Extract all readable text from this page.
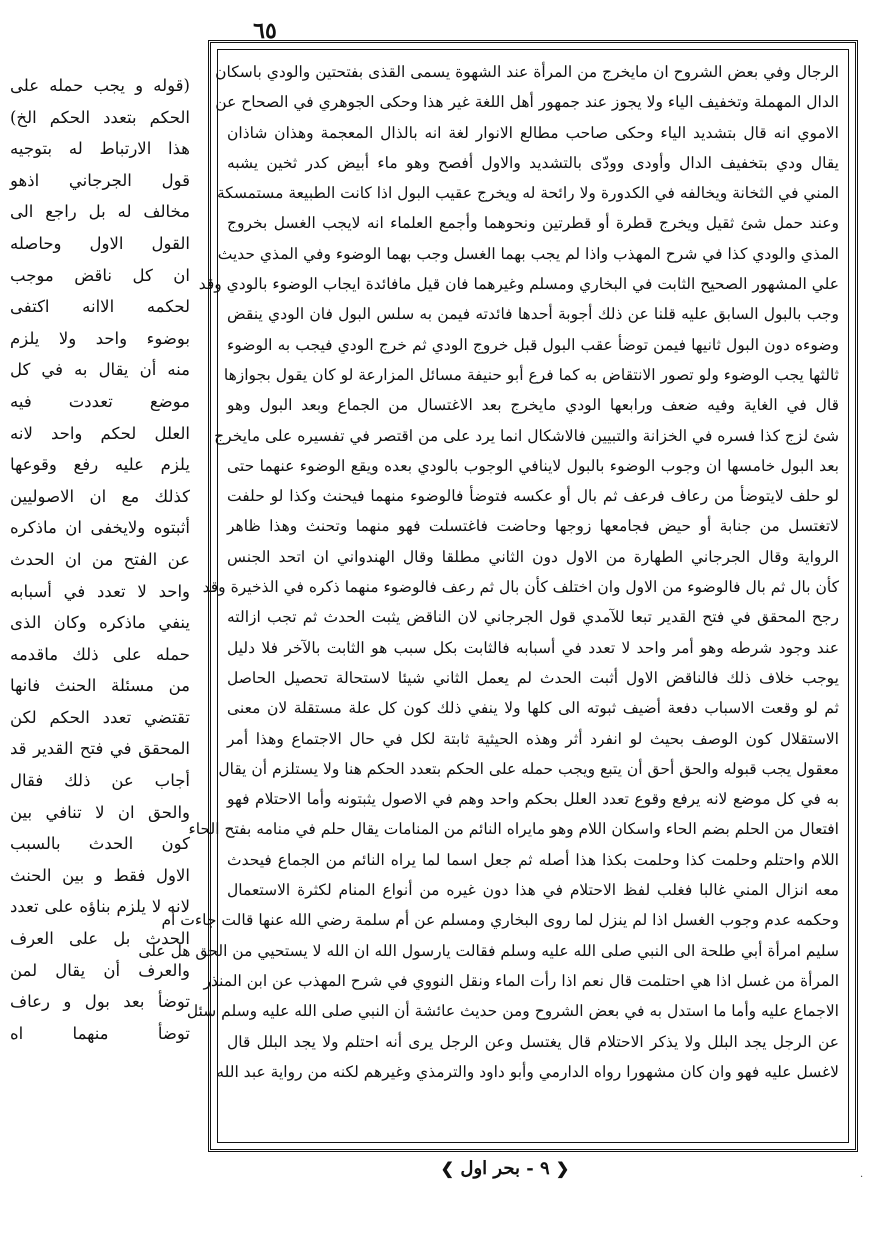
٦٥
(قوله و يجب حمله على
الحكم بتعدد الحكم الخ)
هذا الارتباط له بتوجيه
قول الجرجاني اذهو
مخالف له بل راجع الى
القول الاول وحاصله
ان كل ناقض موجب
لحكمه الاانه اكتفى
بوضوء واحد ولا يلزم
منه أن يقال به في كل
موضع تعددت فيه
العلل لحكم واحد لانه
يلزم عليه رفع وقوعها
كذلك مع ان الاصوليين
أثبتوه ولايخفى ان ماذكره
عن الفتح من ان الحدث
واحد لا تعدد في أسبابه
ينفي ماذكره وكان الذى
حمله على ذلك ماقدمه
من مسئلة الحنث فانها
تقتضي تعدد الحكم لكن
المحقق في فتح القدير قد
أجاب عن ذلك فقال
والحق ان لا تنافي بين
كون الحدث بالسبب
الاول فقط و بين الحنث
لانه لا يلزم بناؤه على تعدد
الحدث بل على العرف
والعرف أن يقال لمن
توضأ بعد بول و رعاف
توضأ منهما اه
الرجال وفي بعض الشروح ان مايخرج من المرأة عند الشهوة يسمى القذى بفتحتين والودي باسكان
الدال المهملة وتخفيف الياء ولا يجوز عند جمهور أهل اللغة غير هذا وحكى الجوهري في الصحاح عن
الاموي انه قال بتشديد الياء وحكى صاحب مطالع الانوار لغة انه بالذال المعجمة وهذان شاذان
يقال ودي بتخفيف الدال وأودى وودّى بالتشديد والاول أفصح وهو ماء أبيض كدر ثخين يشبه
المني في الثخانة ويخالفه في الكدورة ولا رائحة له ويخرج عقيب البول اذا كانت الطبيعة مستمسكة
وعند حمل شئ ثقيل ويخرج قطرة أو قطرتين ونحوهما وأجمع العلماء انه لايجب الغسل بخروج
المذي والودي كذا في شرح المهذب واذا لم يجب بهما الغسل وجب بهما الوضوء وفي المذي حديث
علي المشهور الصحيح الثابت في البخاري ومسلم وغيرهما فان قيل مافائدة ايجاب الوضوء بالودي وقد
وجب بالبول السابق عليه قلنا عن ذلك أجوبة أحدها فائدته فيمن به سلس البول فان الودي ينقض
وضوءه دون البول ثانيها فيمن توضأ عقب البول قبل خروج الودي ثم خرج الودي فيجب به الوضوء
ثالثها يجب الوضوء ولو تصور الانتقاض به كما فرع أبو حنيفة مسائل المزارعة لو كان يقول بجوازها
قال في الغاية وفيه ضعف ورابعها الودي مايخرج بعد الاغتسال من الجماع وبعد البول وهو
شئ لزج كذا فسره في الخزانة والتبيين فالاشكال انما يرد على من اقتصر في تفسيره على مايخرج
بعد البول خامسها ان وجوب الوضوء بالبول لاينافي الوجوب بالودي بعده ويقع الوضوء عنهما حتى
لو حلف لايتوضأ من رعاف فرعف ثم بال أو عكسه فتوضأ فالوضوء منهما فيحنث وكذا لو حلفت
لاتغتسل من جنابة أو حيض فجامعها زوجها وحاضت فاغتسلت فهو منهما وتحنث وهذا ظاهر
الرواية وقال الجرجاني الطهارة من الاول دون الثاني مطلقا وقال الهندواني ان اتحد الجنس
كأن بال ثم بال فالوضوء من الاول وان اختلف كأن بال ثم رعف فالوضوء منهما ذكره في الذخيرة وقد
رجح المحقق في فتح القدير تبعا للآمدي قول الجرجاني لان الناقض يثبت الحدث ثم تجب ازالته
عند وجود شرطه وهو أمر واحد لا تعدد في أسبابه فالثابت بكل سبب هو الثابت بالآخر فلا دليل
يوجب خلاف ذلك فالناقض الاول أثبت الحدث لم يعمل الثاني شيئا لاستحالة تحصيل الحاصل
ثم لو وقعت الاسباب دفعة أضيف ثبوته الى كلها ولا ينفي ذلك كون كل علة مستقلة لان معنى
الاستقلال كون الوصف بحيث لو انفرد أثر وهذه الحيثية ثابتة لكل في حال الاجتماع وهذا أمر
معقول يجب قبوله والحق أحق أن يتبع ويجب حمله على الحكم بتعدد الحكم هنا ولا يستلزم أن يقال
به في كل موضع لانه يرفع وقوع تعدد العلل بحكم واحد وهم في الاصول يثبتونه وأما الاحتلام فهو
افتعال من الحلم بضم الحاء واسكان اللام وهو مايراه النائم من المنامات يقال حلم في منامه بفتح الحاء
اللام واحتلم وحلمت كذا وحلمت بكذا هذا أصله ثم جعل اسما لما يراه النائم من الجماع فيحدث
معه انزال المني غالبا فغلب لفظ الاحتلام في هذا دون غيره من أنواع المنام لكثرة الاستعمال
وحكمه عدم وجوب الغسل اذا لم ينزل لما روى البخاري ومسلم عن أم سلمة رضي الله عنها قالت جاءت أم
سليم امرأة أبي طلحة الى النبي صلى الله عليه وسلم فقالت يارسول الله ان الله لا يستحيي من الحق هل على
المرأة من غسل اذا هي احتلمت قال نعم اذا رأت الماء ونقل النووي في شرح المهذب عن ابن المنذر
الاجماع عليه وأما ما استدل به في بعض الشروح ومن حديث عائشة أن النبي صلى الله عليه وسلم سئل
عن الرجل يجد البلل ولا يذكر الاحتلام قال يغتسل وعن الرجل يرى أنه احتلم ولا يجد البلل قال
لاغسل عليه فهو وان كان مشهورا رواه الدارمي وأبو داود والترمذي وغيرهم لكنه من رواية عبد الله
❮ ٩ - بحر اول ❯	·
